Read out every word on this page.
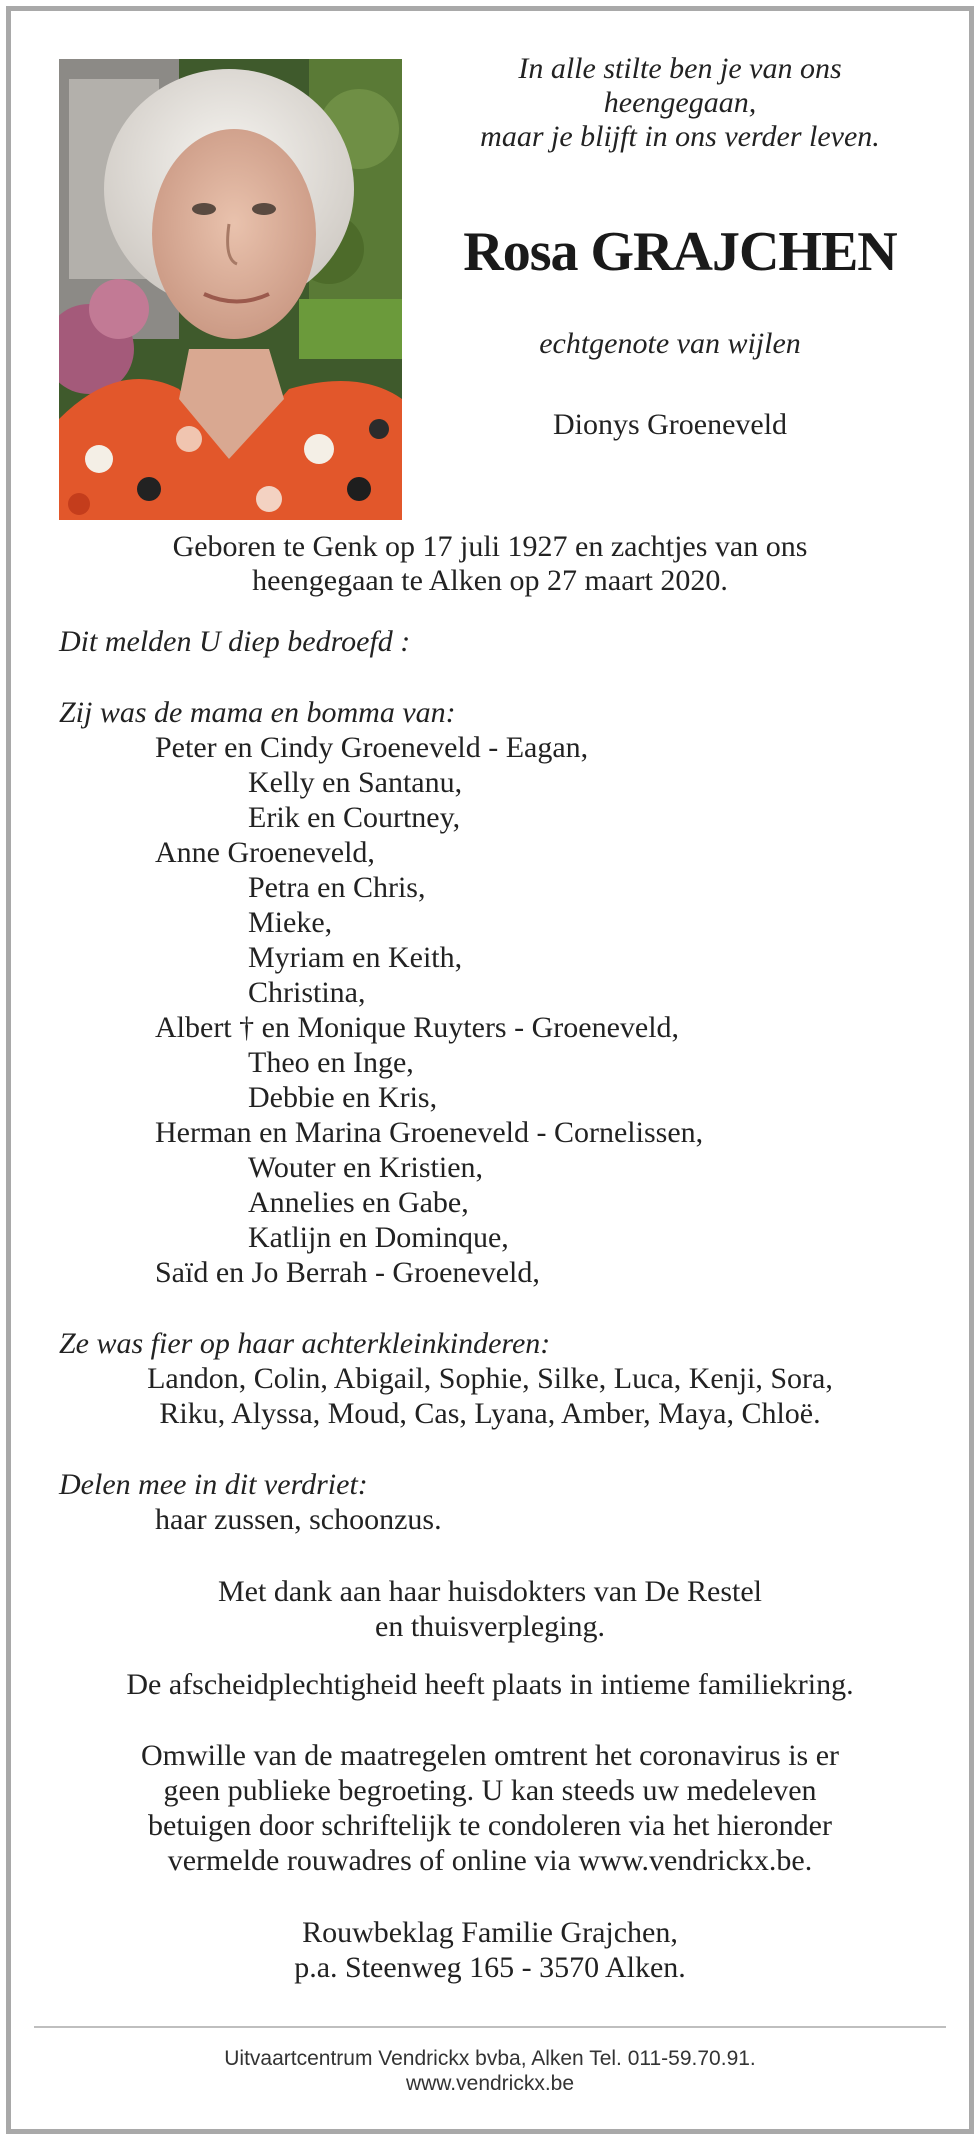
In alle stilte ben je van ons
heengegaan,
maar je blijft in ons verder leven.
Rosa GRAJCHEN
echtgenote van wijlen
Dionys Groeneveld
Geboren te Genk op 17 juli 1927 en zachtjes van ons
heengegaan te Alken op 27 maart 2020.
Dit melden U diep bedroefd :
Zij was de mama en bomma van:
Peter en Cindy Groeneveld - Eagan,
Kelly en Santanu,
Erik en Courtney,
Anne Groeneveld,
Petra en Chris,
Mieke,
Myriam en Keith,
Christina,
Albert † en Monique Ruyters - Groeneveld,
Theo en Inge,
Debbie en Kris,
Herman en Marina Groeneveld - Cornelissen,
Wouter en Kristien,
Annelies en Gabe,
Katlijn en Dominque,
Saïd en Jo Berrah - Groeneveld,
Ze was fier op haar achterkleinkinderen:
Landon, Colin, Abigail, Sophie, Silke, Luca, Kenji, Sora,
Riku, Alyssa, Moud, Cas, Lyana, Amber, Maya, Chloë.
Delen mee in dit verdriet:
haar zussen, schoonzus.
Met dank aan haar huisdokters van De Restel
en thuisverpleging.
De afscheidplechtigheid heeft plaats in intieme familiekring.
Omwille van de maatregelen omtrent het coronavirus is er
geen publieke begroeting. U kan steeds uw medeleven
betuigen door schriftelijk te condoleren via het hieronder
vermelde rouwadres of online via www.vendrickx.be.
Rouwbeklag Familie Grajchen,
p.a. Steenweg 165 - 3570 Alken.
Uitvaartcentrum Vendrickx bvba, Alken Tel. 011-59.70.91.
www.vendrickx.be
